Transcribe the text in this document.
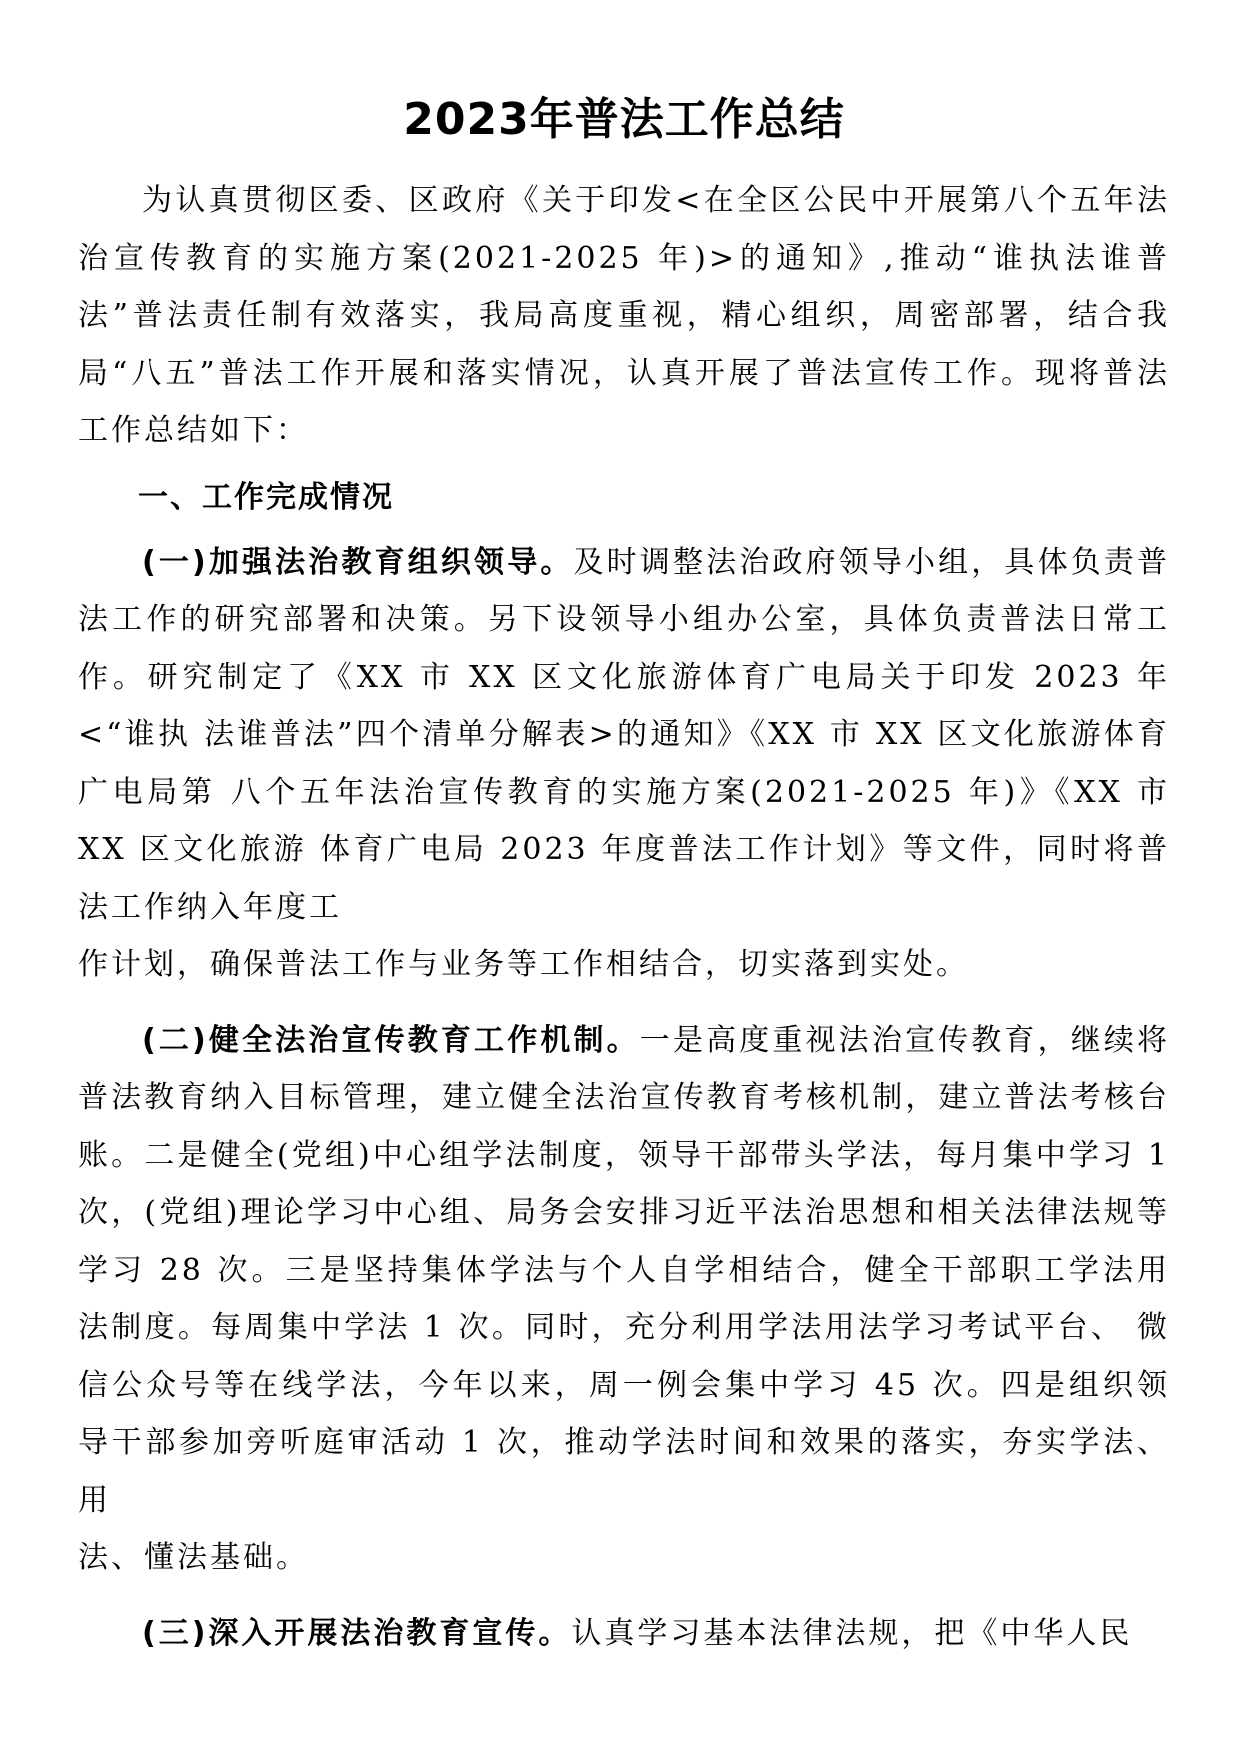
2023年普法工作总结

为认真贯彻区委、区政府《关于印发<在全区公民中开展第八个五年法治宣传教育的实施方案(2021-2025 年)>的通知》,推动“谁执法谁普法”普法责任制有效落实，我局高度重视，精心组织，周密部署，结合我局“八五”普法工作开展和落实情况，认真开展了普法宣传工作。现将普法工作总结如下：

一、工作完成情况

(一)加强法治教育组织领导。及时调整法治政府领导小组，具体负责普法工作的研究部署和决策。另下设领导小组办公室，具体负责普法日常工作。研究制定了《XX 市 XX 区文化旅游体育广电局关于印发 2023 年<“谁执 法谁普法”四个清单分解表>的通知》《XX 市 XX 区文化旅游体育广电局第 八个五年法治宣传教育的实施方案(2021-2025 年)》《XX 市 XX 区文化旅游 体育广电局 2023 年度普法工作计划》等文件，同时将普法工作纳入年度工

作计划，确保普法工作与业务等工作相结合，切实落到实处。

(二)健全法治宣传教育工作机制。一是高度重视法治宣传教育，继续将普法教育纳入目标管理，建立健全法治宣传教育考核机制，建立普法考核台账。二是健全(党组)中心组学法制度，领导干部带头学法，每月集中学习 1 次，(党组)理论学习中心组、局务会安排习近平法治思想和相关法律法规等学习 28 次。三是坚持集体学法与个人自学相结合，健全干部职工学法用法制度。每周集中学法 1 次。同时，充分利用学法用法学习考试平台、 微信公众号等在线学法，今年以来，周一例会集中学习 45 次。四是组织领 导干部参加旁听庭审活动 1 次，推动学法时间和效果的落实，夯实学法、用

法、懂法基础。

(三)深入开展法治教育宣传。认真学习基本法律法规，把《中华人民
